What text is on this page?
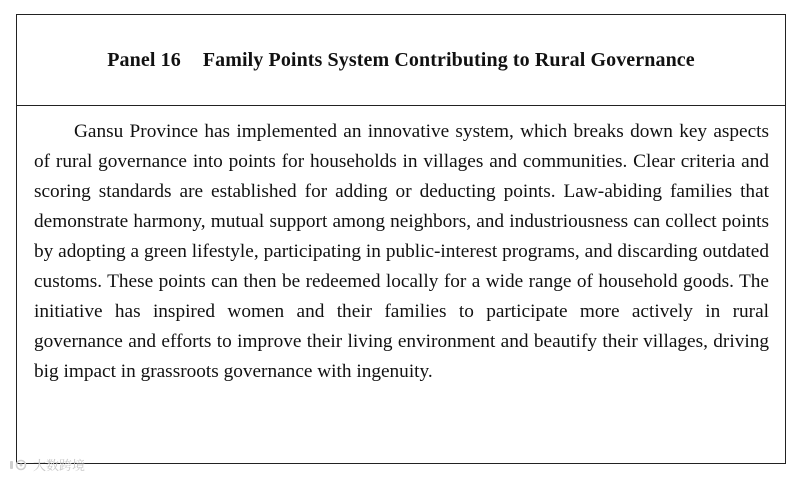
Panel 16 Family Points System Contributing to Rural Governance

Gansu Province has implemented an innovative system, which breaks down key aspects of rural governance into points for households in villages and communities. Clear criteria and scoring standards are established for adding or deducting points. Law-abiding families that demonstrate harmony, mutual support among neighbors, and industriousness can collect points by adopting a green lifestyle, participating in public-interest programs, and discarding outdated customs. These points can then be redeemed locally for a wide range of household goods. The initiative has inspired women and their families to participate more actively in rural governance and efforts to improve their living environment and beautify their villages, driving big impact in grassroots governance with ingenuity.

大数跨境
